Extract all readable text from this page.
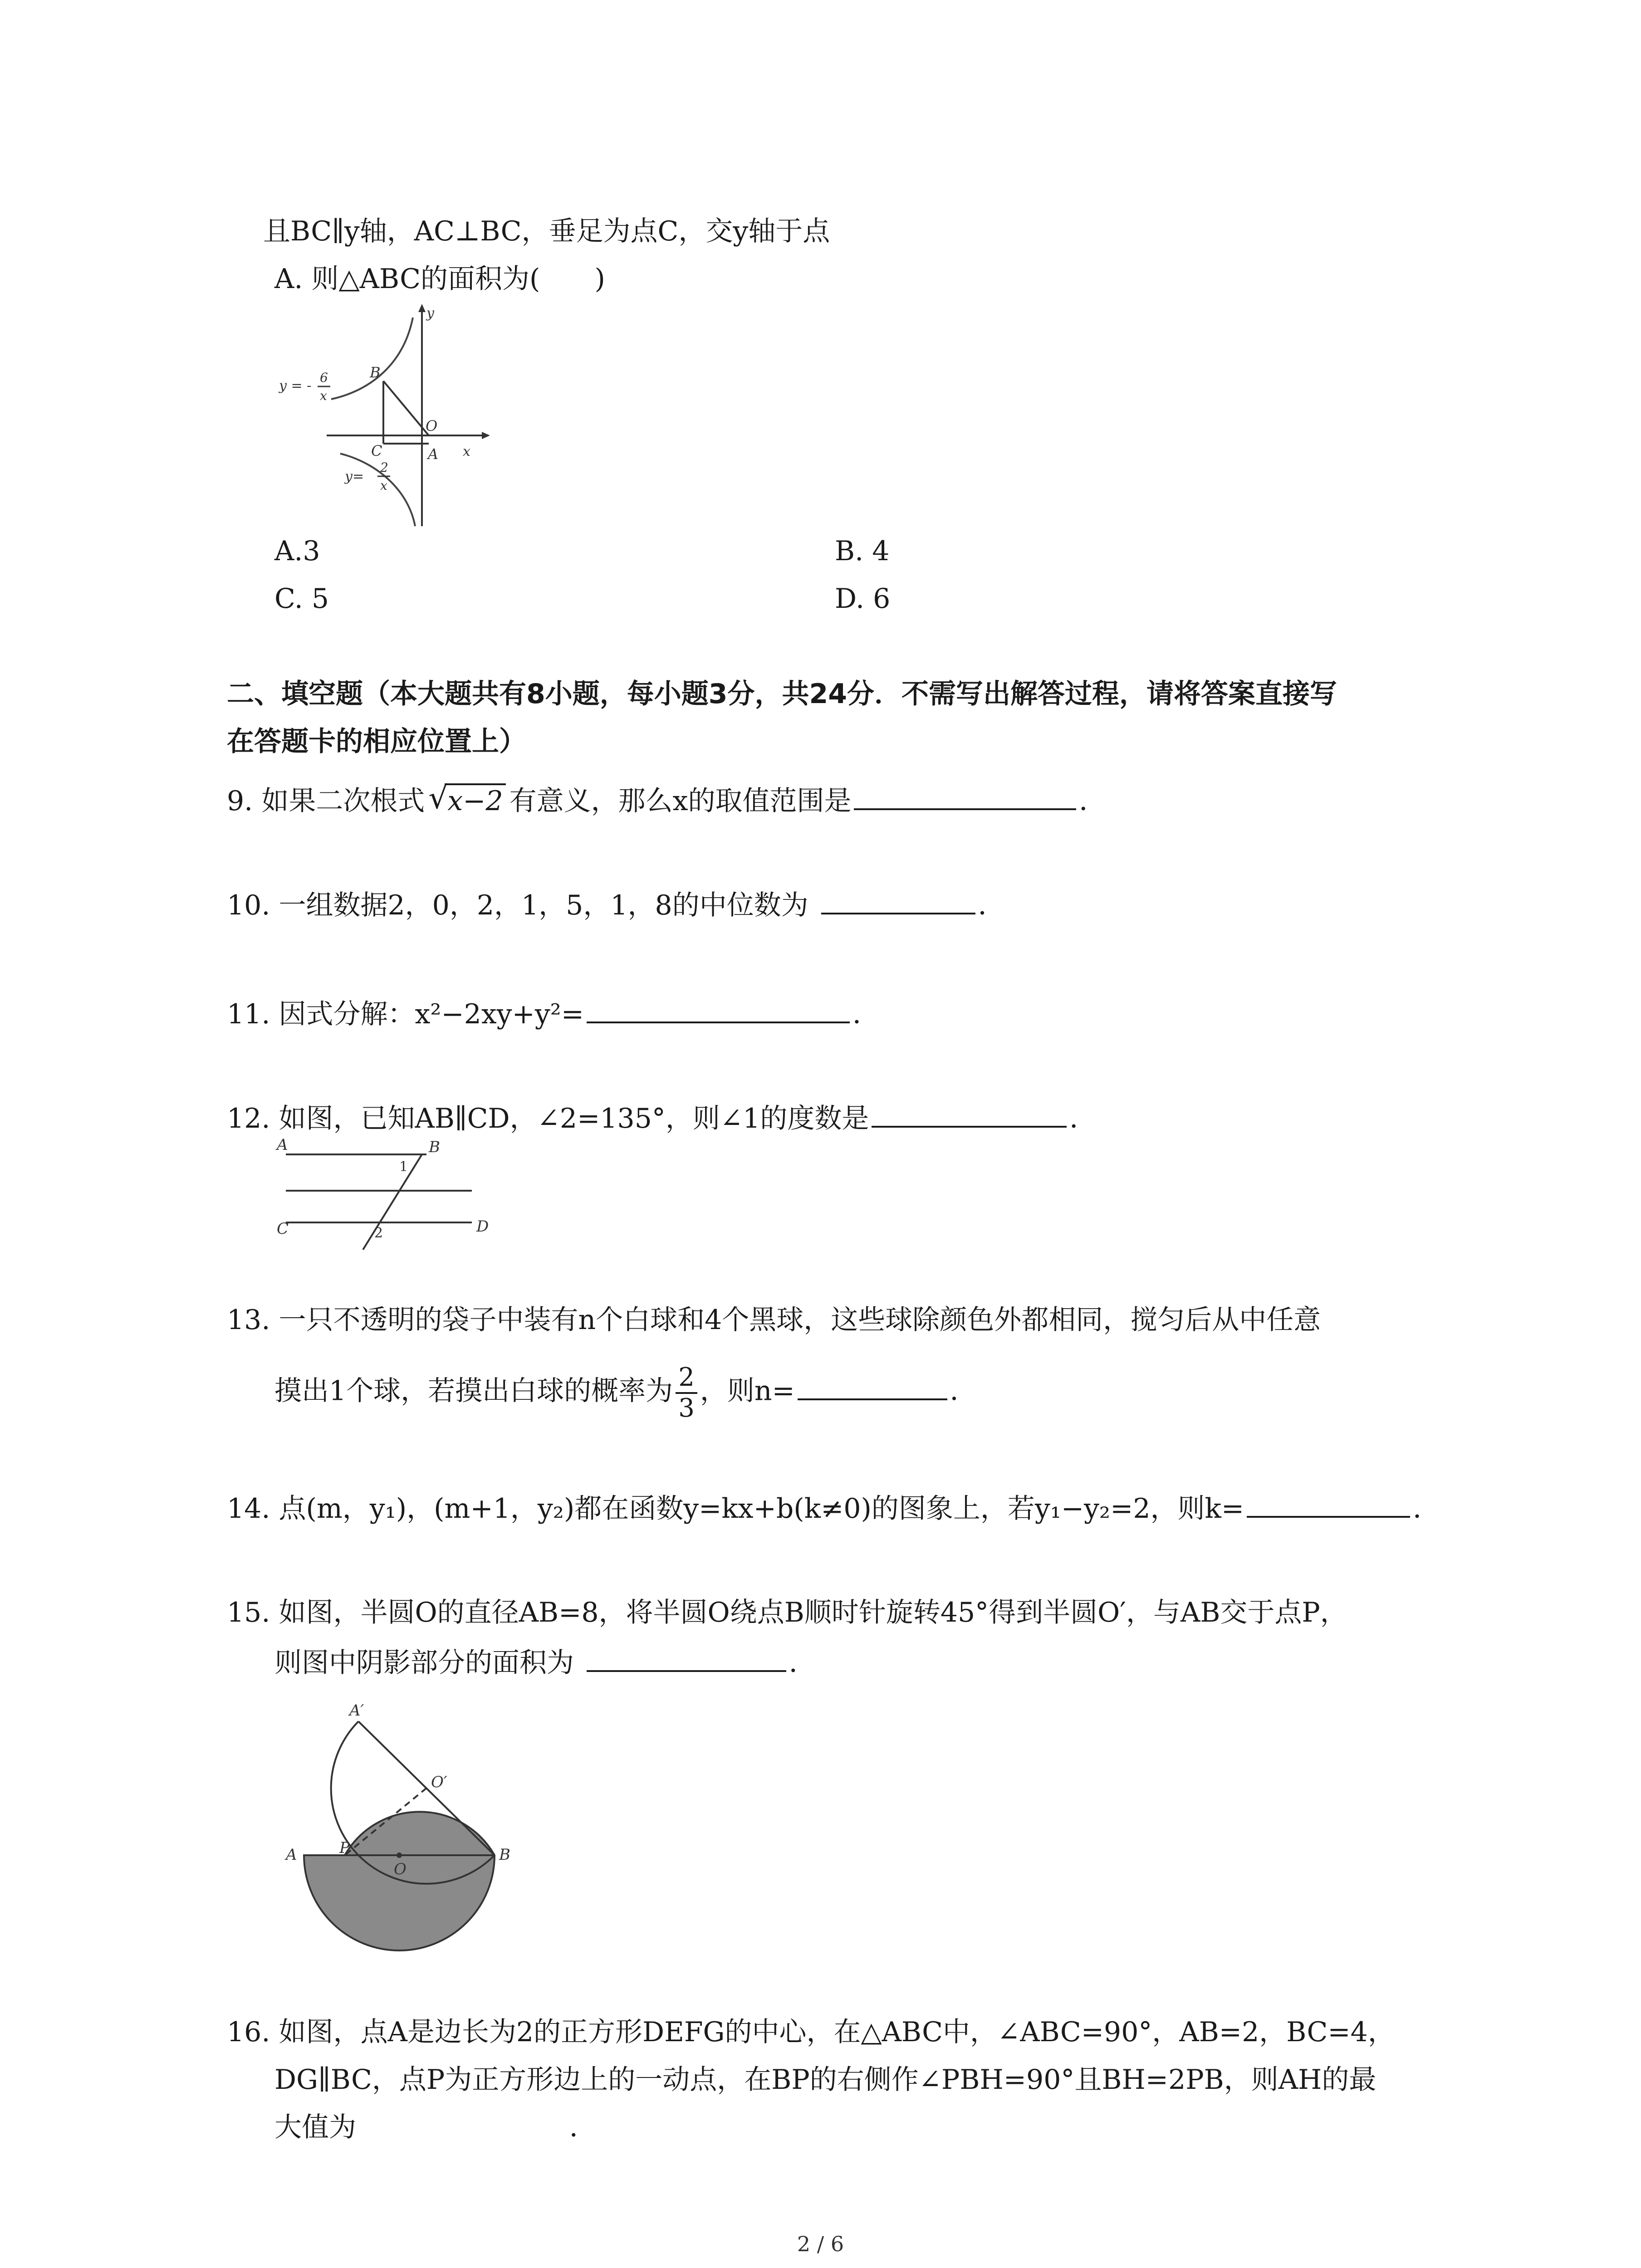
且BC∥y轴，AC⊥BC，垂足为点C，交y轴于点
A. 则△ABC的面积为(　　)
y
x
B
O
C	A
y = -
6
x
y=
2
x
A.3	B. 4
C. 5	D. 6
二、填空题（本大题共有8小题，每小题3分，共24分．不需写出解答过程，请将答案直接写
在答题卡的相应位置上）
9. 如果二次根式 √
x−2 有意义，那么x的取值范围是	．
10. 一组数据2，0，2，1，5，1，8的中位数为	．
11. 因式分解：x²−2xy+y²=	．
12. 如图，已知AB∥CD，∠2=135°，则∠1的度数是	．
A	B
C	D
1
2
13. 一只不透明的袋子中装有n个白球和4个黑球，这些球除颜色外都相同，搅匀后从中任意
摸出1个球，若摸出白球的概率为 $\frac{2}{3}$ ，则n=	．
14. 点(m，y₁)，(m+1，y₂)都在函数y=kx+b(k≠0)的图象上，若y₁−y₂=2，则k=	．
15. 如图，半圆O的直径AB=8，将半圆O绕点B顺时针旋转45°得到半圆O′，与AB交于点P，
则图中阴影部分的面积为	．
A′
O′
A	P
O
B
16. 如图，点A是边长为2的正方形DEFG的中心，在△ABC中，∠ABC=90°，AB=2，BC=4，
DG∥BC，点P为正方形边上的一动点，在BP的右侧作∠PBH=90°且BH=2PB，则AH的最
大值为	．
2 / 6
